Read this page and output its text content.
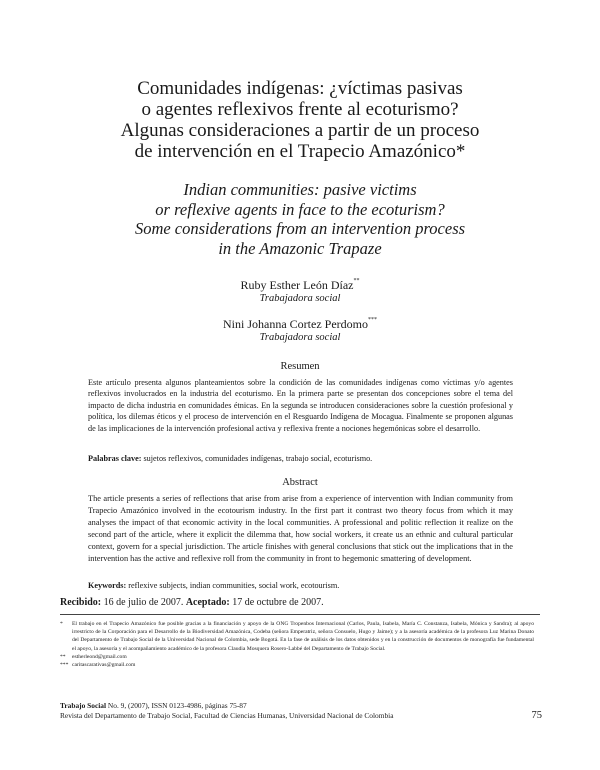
Comunidades indígenas: ¿víctimas pasivas
o agentes reflexivos frente al ecoturismo?
Algunas consideraciones a partir de un proceso
de intervención en el Trapecio Amazónico*
Indian communities: pasive victims
or reflexive agents in face to the ecoturism?
Some considerations from an intervention process
in the Amazonic Trapaze
Ruby Esther León Díaz**
Trabajadora social
Nini Johanna Cortez Perdomo***
Trabajadora social
Resumen
Este artículo presenta algunos planteamientos sobre la condición de las comunidades indígenas como víctimas y/o agentes reflexivos involucrados en la industria del ecoturismo. En la primera parte se presentan dos concepciones sobre el tema del impacto de dicha industria en comunidades étnicas. En la segunda se introducen consideraciones sobre la cuestión profesional y política, los dilemas éticos y el proceso de intervención en el Resguardo Indígena de Mocagua. Finalmente se proponen algunas de las implicaciones de la intervención profesional activa y reflexiva frente a nociones hegemónicas sobre el desarrollo.
Palabras clave: sujetos reflexivos, comunidades indígenas, trabajo social, ecoturismo.
Abstract
The article presents a series of reflections that arise from arise from a experience of intervention with Indian community from Trapecio Amazónico involved in the ecotourism industry. In the first part it contrast two theory focus from which it may analyses the impact of that economic activity in the local communities. A professional and politic reflection it realize on the second part of the article, where it explicit the dilemma that, how social workers, it create us an ethnic and cultural particular context, govern for a special jurisdiction. The article finishes with general conclusions that stick out the implications that in the intervention has the active and reflexive roll from the community in front to hegemonic smattering of development.
Keywords: reflexive subjects, indian communities, social work, ecotourism.
Recibido: 16 de julio de 2007. Aceptado: 17 de octubre de 2007.
* El trabajo en el Trapecio Amazónico fue posible gracias a la financiación y apoyo de la ONG Tropenbos Internacional (Carlos, Paula, Isabela, María C. Constanza, Isabela, Mónica y Sandra); al apoyo irrestricto de la Corporación para el Desarrollo de la Biodiversidad Amazónica, Codeba (señora Emperatriz, señora Consuelo, Hugo y Jaime); y a la asesoría académica de la profesora Luz Marina Donato del Departamento de Trabajo Social de la Universidad Nacional de Colombia, sede Bogotá. En la fase de análisis de los datos obtenidos y en la construcción de documentos de monografía fue fundamental el apoyo, la asesoría y el acompañamiento académico de la profesora Claudia Mosquera Rosero-Labbé del Departamento de Trabajo Social.
** estherleond@gmail.com
*** caritascarativas@gmail.com
Trabajo Social No. 9, (2007), ISSN 0123-4986, páginas 75-87
Revista del Departamento de Trabajo Social, Facultad de Ciencias Humanas, Universidad Nacional de Colombia	75
